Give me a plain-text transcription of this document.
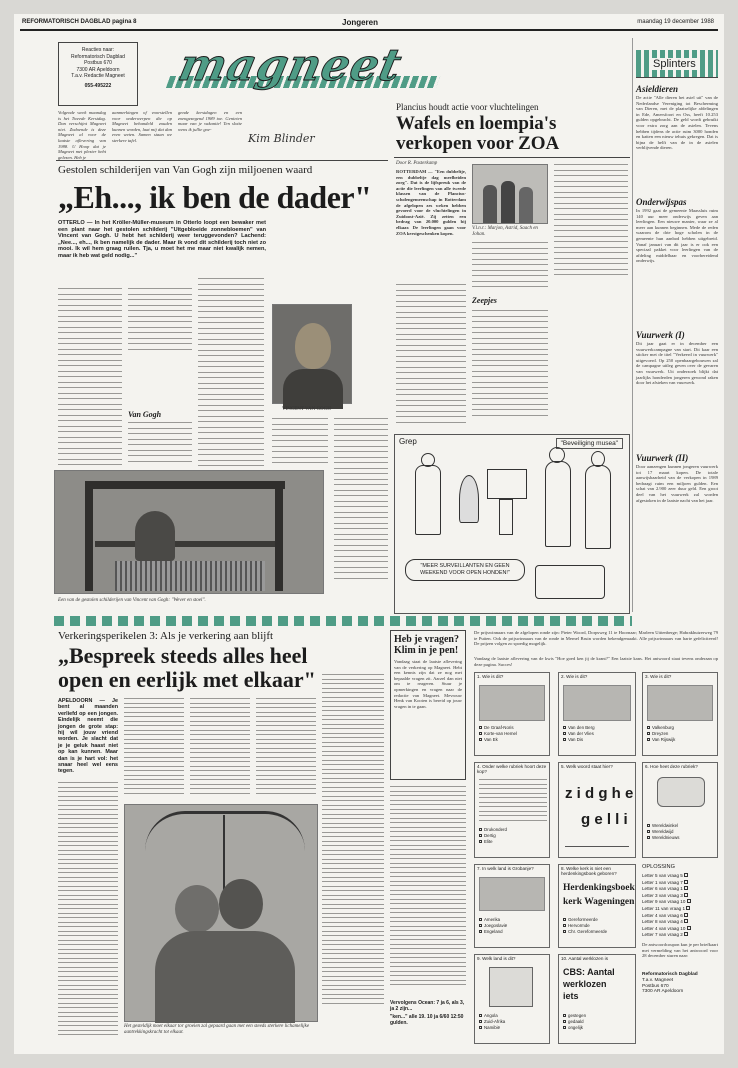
REFORMATORISCH DAGBLAD pagina 8	Jongeren	maandag 19 december 1988
Reacties naar:
Reformatorisch Dagblad
Postbus 670
7300 AR Apeldoorn
T.a.v. Redactie Magneet
055-495222	magneet	Splinters
Asieldieren
De actie "Alle dieren het asiel uit" van de Nederlandse Vereniging tot Bescherming van Dieren, met de plaatselijke afdelingen in Ede, Amersfoort en Oss, heeft 10.253 gulden opgebracht. De geld wordt gebruikt voor extra zorg aan de asielen. Tevens hebben tijdens de actie ruim 3000 honden en katten een nieuw tehuis gekregen. Dat is bijna de helft van de in de asielen verblijvende dieren.
Onderwijspas
In 1992 gaat de gemeente Maassluis ruim 140 uur meer onderwijs geven aan leerlingen. Een nieuwe manier, waar ze al meer aan kunnen beginnen. Mede de reden waarom de drie hoge scholen in de gemeente hun aanbod hebben uitgebreid. Vanaf januari van dit jaar is er ook een speciaal pakket voor leerlingen van de afdeling middelbaar en voorbereidend onderwijs.
Vuurwerk (I)
Dit jaar gaat er in december een vuurwerkcampagne van start. Dit kaar een sticker met de titel "Verkeerd in vuurwerk" uitgevoerd. Op 250 openbaargebouwen zal de campagne uitleg geven over de gevaren van vuurwerk. Uit onderzoek blijkt dat jaarlijks honderden jongeren gewond raken door het afsteken van vuurwerk.
Vuurwerk (II)
Door aanzengen kunnen jongeren vuurwerk tot 17 maart kopen. De totale aanwijsbaarheid van de verkopen in 1989 bedraagt ruim een miljoen gulden. Een schat van 2.900 zeer duur geld. Een groot deel van het vuurwerk zal worden afgestoken in de laatste nacht van het jaar.
Volgende week maandag is het Tweede Kerstdag. Dan verschijnt Magneet niet. Zodoende is deze Magneet al voor de laatste aflevering van 1988. U Hoop dat je Magneet met plezier hebt gelezen. Heb je
aanmerkingen of voorstellen voor onderwerpen die op Magneet behandeld zouden kunnen worden, laat mij dat dan even weten. Samen staan we sterkere tafel.
gende kerstdagen en een zoengezegend 1989 toe. Genieten maar van je vakantie! Ten slotte wens ik jullie goe-
Kim Blinder
Plancius houdt actie voor vluchtelingen
Wafels en loempia's
verkopen voor ZOA
Door R. Pasterkamp
ROTTERDAM — "Een dubbeltje, een dubbeltje dag meelbeiden zorg". Dat is de lijfspreuk van de actie die leerlingen van alle tweede klassen van de Plancius-scholengemeenschap in Rotterdam de afgelopen zes weken hebben gevoerd voor de vluchtelingen in Zuidoost-Azië. Zij zetten een bedrag van 20.000 gulden bij elkaar. De leerlingen gaan voor ZOA kerstgeschenken kopen.
V.l.n.r.: Marjon, Astrid, Saach en Johan.
Zeepjes
Gestolen schilderijen van Van Gogh zijn miljoenen waard
„Eh..., ik ben de dader"
OTTERLO — In het Kröller-Müller-museum in Otterlo loopt een bewaker met een plant naar het gestolen schilderij "Uitgebloeide zonnebloemen" van Vincent van Gogh. U hebt het schilderij weer teruggevonden? Lachend: „Nee..., eh..., ik ben namelijk de dader. Maar ik vond dit schilderij toch niet zo mooi. Ik wil hem graag ruilen. Tja, u moet het me maar niet kwalijk nemen, maar ik heb wat geld nodig..."
Van Gogh
VINCENT VAN GOGH
Een van de gestolen schilderijen van Vincent van Gogh: "Wever en stoel".
Grep	"Beveiliging musea"
"MEER SURVEILLANTEN EN GEEN WEEKEND VOOR OPEN HONDEN!"
Verkeringsperikelen 3: Als je verkering aan blijft
„Bespreek steeds alles heel
open en eerlijk met elkaar"
APELDOORN — Je bent al maanden verliefd op een jongen. Eindelijk neemt die jongen de grote stap: hij wil jouw vriend worden. Je slacht dat je je geluk haast niet op kan kunnen. Maar dan is je hart vol: het snaar heel wel eens tegen.
Het gesteldijk moet elkaar tor groeien zal gepaard gaan met een steeds sterkere lichamelijke aantrekkingskracht tot elkaar.
Heb je vragen?
Klim in je pen!
Vandaag staat de laatste aflevering van de verkering op Magneet. Hebt een kennis zijn dat ze nog met bepaalde vragen zit. Aarzel dan niet om te reageren. Stuur je opmerkingen en vragen naar de redactie van Magneet. Mevrouw Henk van Kooten is bereid op jouw vragen in te gaan.
Vervolgens Ocean: 7 ja 6, als 3, ja 2 zijn...
"ken..." alle 19. 10 ja 6/60 12:50 gulden.
De prijswinnaars van de afgelopen ronde zijn: Pieter Woord, Dorpsweg 11 te Hoornaar; Marleen Uittenberge; Habrakhuizerweg 79 te Putten. Ook de prijswinnaars van de ronde in Mernel Bruin worden bekendgemaakt. Alle prijswinnaars van harte gefeliciteerd! De prijzen volgen zo spoedig mogelijk.
Vandaag de laatste aflevering van de kwis "Hoe goed ken jij de krant?" Een laatste kans. Het antwoord staat tevens onderaan op deze pagina. Succes!
1. Wie is dit?
De Graaf-Noris
Korte-van Hemel
Van Ek
2. Wie is dit?
Van den Berg
Van der Vlies
Van Dis
3. Wie is dit?
Valkenburg
Dreyzen
Van Rijswijk
4. Onder welke rubriek hoort deze kop?
Drukonderd
Dertig
Elite
5. Welk woord staat hier?
z i d g h e
g e l l i
6. Hoe heet deze rubriek?
Wereldwinkel
Wereldwijd
Wereldnieuws
7. In welk land is Grobanje?
Amerika
Joegoslavië
Engeland
8. Welke kerk is niet een herdenkingsboek geboren?
Herdenkingsboek
kerk Wageningen
Gereformeerde
Hervormde
Chr. Gereformeerde
9. Welk land is dit?
Angola
Zuid-Afrika
Namibië
10. Aantal werklozen is
CBS: Aantal
werklozen
iets
gestegen
gedaald
ongelijk
OPLOSSING
Letter 5 van vraag 5
Letter 1 van vraag 7
Letter 6 van vraag 1
Letter 3 van vraag 3
Letter 9 van vraag 10
Letter 11 van vraag 1
Letter 4 van vraag 6
Letter 8 van vraag 4
Letter 4 van vraag 10
Letter 7 van vraag 2
De antwoordcoupon kun je per briefkaart met vermelding van het antwoord voor 28 december sturen naar:
Reformatorisch Dagblad
T.a.v. Magneet
Postbus 670
7300 AR Apeldoorn
